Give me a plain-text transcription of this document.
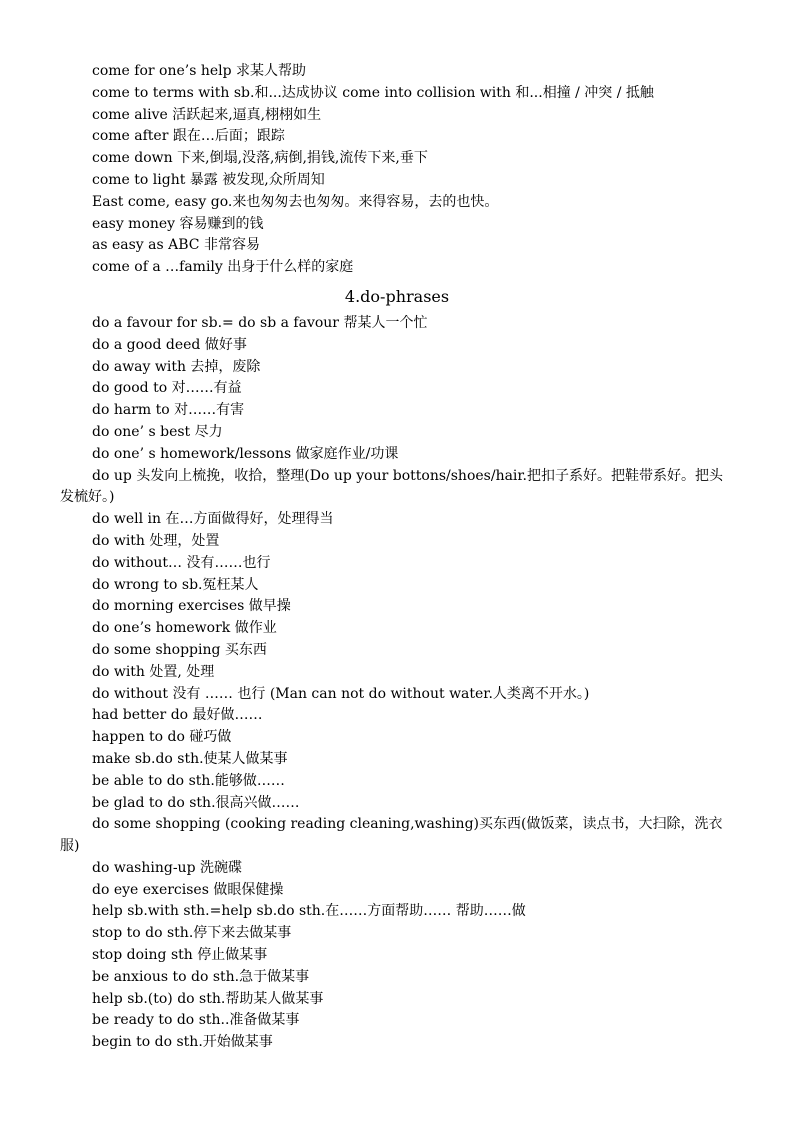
come for one’s help 求某人帮助
come to terms with sb.和...达成协议 come into collision with 和...相撞 / 冲突 / 抵触
come alive 活跃起来,逼真,栩栩如生
come after 跟在…后面；跟踪
come down 下来,倒塌,没落,病倒,捐钱,流传下来,垂下
come to light 暴露 被发现,众所周知
East come, easy go.来也匆匆去也匆匆。来得容易，去的也快。
easy money 容易赚到的钱
as easy as ABC 非常容易
come of a …family 出身于什么样的家庭
4.do-phrases
do a favour for sb.= do sb a favour 帮某人一个忙
do a good deed 做好事
do away with 去掉，废除
do good to 对……有益
do harm to 对……有害
do one’ s best 尽力
do one’ s homework/lessons 做家庭作业/功课
do up 头发向上梳挽，收拾，整理(Do up your bottons/shoes/hair.把扣子系好。把鞋带系好。把头发梳好。)
do well in 在…方面做得好，处理得当
do with 处理，处置
do without… 没有……也行
do wrong to sb.冤枉某人
do morning exercises 做早操
do one’s homework 做作业
do some shopping 买东西
do with 处置, 处理
do without 没有 …… 也行 (Man can not do without water.人类离不开水。)
had better do 最好做……
happen to do 碰巧做
make sb.do sth.使某人做某事
be able to do sth.能够做……
be glad to do sth.很高兴做……
do some shopping (cooking reading cleaning,washing)买东西(做饭菜，读点书，大扫除，洗衣服)
do washing-up 洗碗碟
do eye exercises 做眼保健操
help sb.with sth.=help sb.do sth.在……方面帮助…… 帮助……做
stop to do sth.停下来去做某事
stop doing sth 停止做某事
be anxious to do sth.急于做某事
help sb.(to) do sth.帮助某人做某事
be ready to do sth..准备做某事
begin to do sth.开始做某事
